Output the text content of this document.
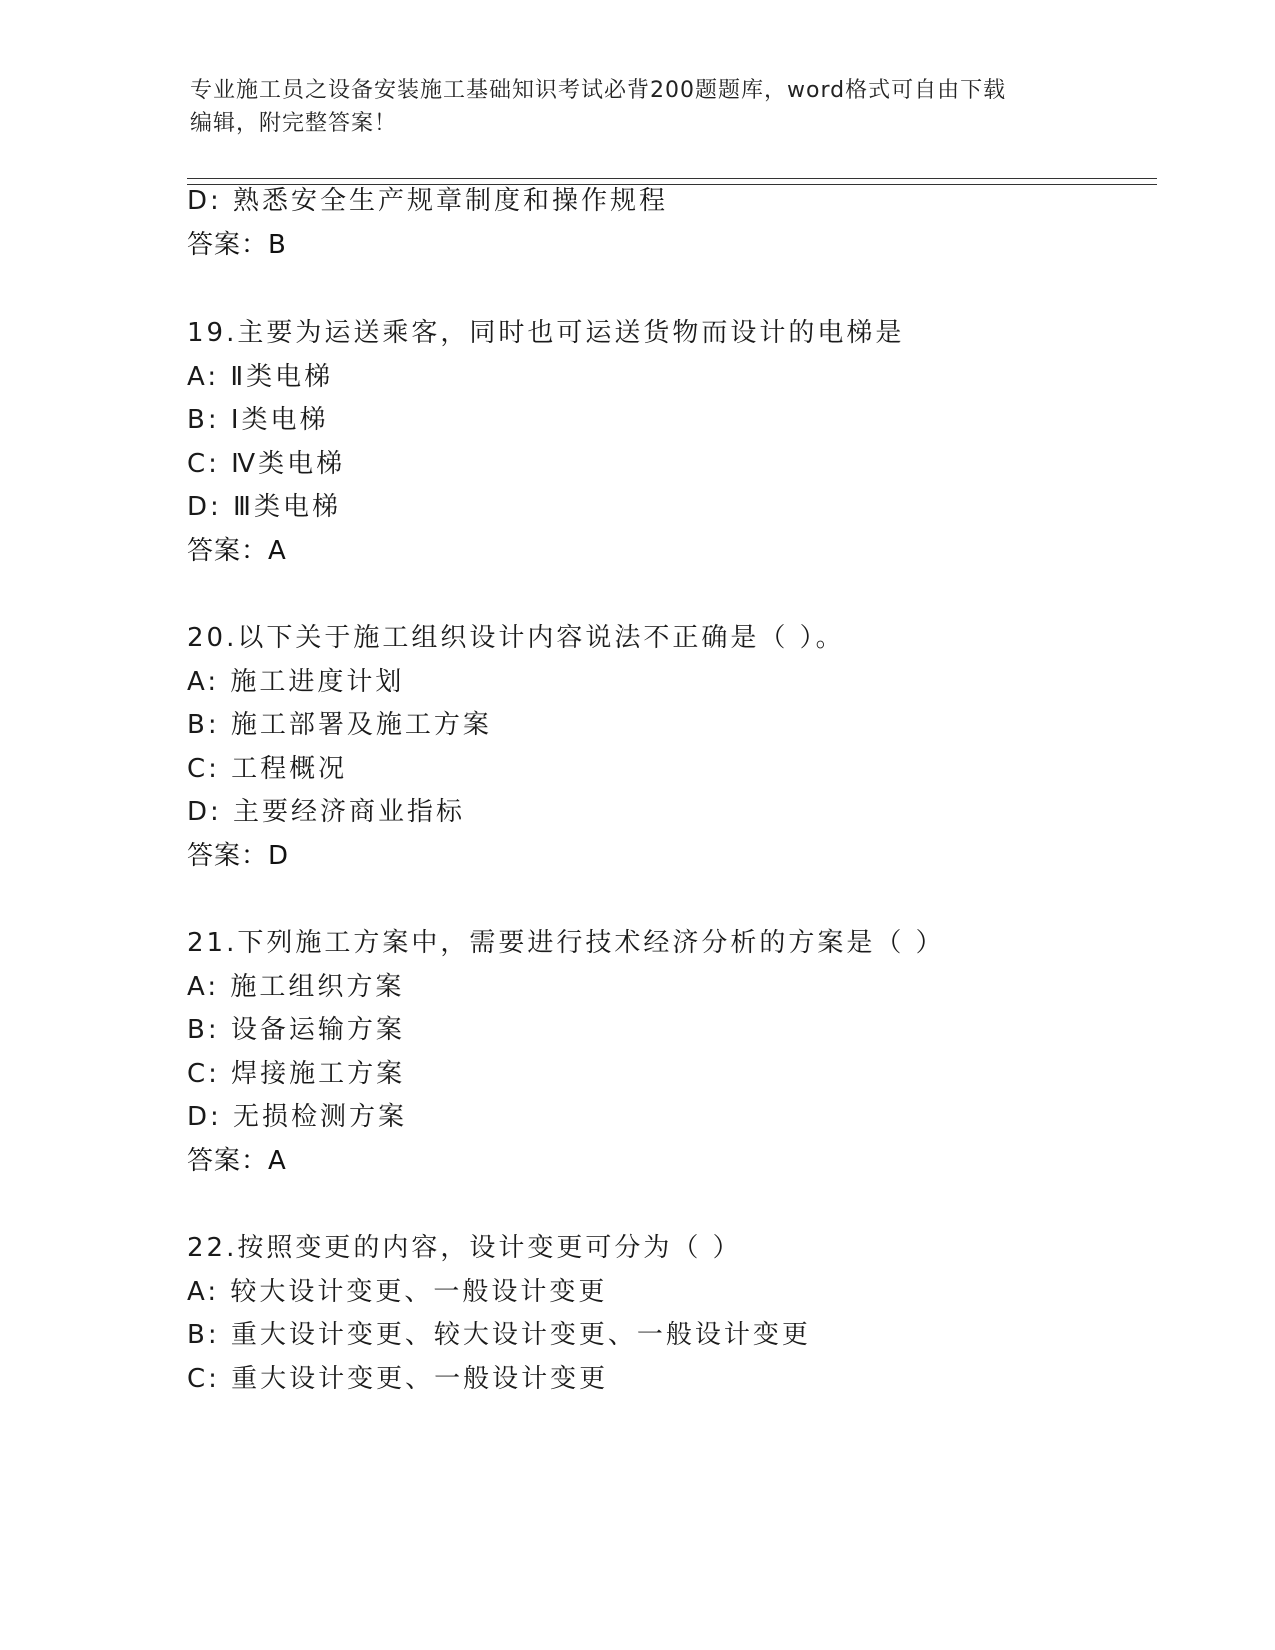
专业施工员之设备安装施工基础知识考试必背200题题库，word格式可自由下载
编辑，附完整答案！
D: 熟悉安全生产规章制度和操作规程
答案：B
19.主要为运送乘客，同时也可运送货物而设计的电梯是
A: Ⅱ类电梯
B: Ⅰ类电梯
C: Ⅳ类电梯
D: Ⅲ类电梯
答案：A
20.以下关于施工组织设计内容说法不正确是（ ）。
A: 施工进度计划
B: 施工部署及施工方案
C: 工程概况
D: 主要经济商业指标
答案：D
21.下列施工方案中，需要进行技术经济分析的方案是（ ）
A: 施工组织方案
B: 设备运输方案
C: 焊接施工方案
D: 无损检测方案
答案：A
22.按照变更的内容，设计变更可分为（ ）
A: 较大设计变更、一般设计变更
B: 重大设计变更、较大设计变更、一般设计变更
C: 重大设计变更、一般设计变更
